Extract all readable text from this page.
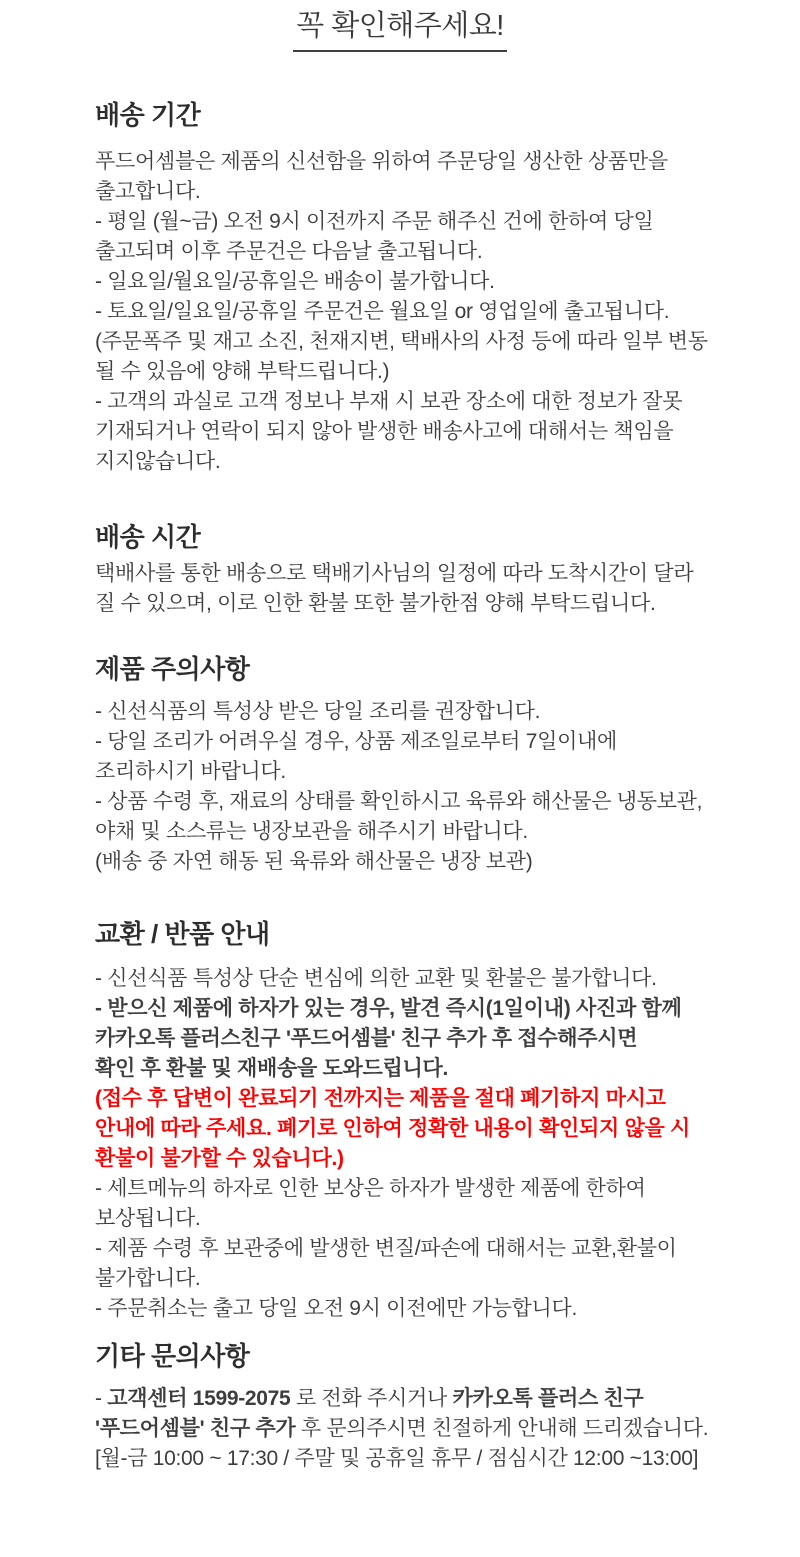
꼭 확인해주세요!
배송 기간

푸드어셈블은 제품의 신선함을 위하여 주문당일 생산한 상품만을

출고합니다.

- 평일 (월~금) 오전 9시 이전까지 주문 해주신 건에 한하여 당일

출고되며 이후 주문건은 다음날 출고됩니다.

- 일요일/월요일/공휴일은 배송이 불가합니다.

- 토요일/일요일/공휴일 주문건은 월요일 or 영업일에 출고됩니다.

(주문폭주 및 재고 소진, 천재지변, 택배사의 사정 등에 따라 일부 변동

될 수 있음에 양해 부탁드립니다.)

- 고객의 과실로 고객 정보나 부재 시 보관 장소에 대한 정보가 잘못

기재되거나 연락이 되지 않아 발생한 배송사고에 대해서는 책임을

지지않습니다.

배송 시간

택배사를 통한 배송으로 택배기사님의 일정에 따라 도착시간이 달라

질 수 있으며, 이로 인한 환불 또한 불가한점 양해 부탁드립니다.

제품 주의사항

- 신선식품의 특성상 받은 당일 조리를 권장합니다.

- 당일 조리가 어려우실 경우, 상품 제조일로부터 7일이내에

조리하시기 바랍니다.

- 상품 수령 후, 재료의 상태를 확인하시고 육류와 해산물은 냉동보관,

야채 및 소스류는 냉장보관을 해주시기 바랍니다.

(배송 중 자연 해동 된 육류와 해산물은 냉장 보관)

교환 / 반품 안내

- 신선식품 특성상 단순 변심에 의한 교환 및 환불은 불가합니다.

- 받으신 제품에 하자가 있는 경우, 발견 즉시(1일이내) 사진과 함께

카카오톡 플러스친구 '푸드어셈블' 친구 추가 후 접수해주시면

확인 후 환불 및 재배송을 도와드립니다.

(접수 후 답변이 완료되기 전까지는 제품을 절대 폐기하지 마시고

안내에 따라 주세요. 폐기로 인하여 정확한 내용이 확인되지 않을 시

환불이 불가할 수 있습니다.)

- 세트메뉴의 하자로 인한 보상은 하자가 발생한 제품에 한하여

보상됩니다.

- 제품 수령 후 보관중에 발생한 변질/파손에 대해서는 교환,환불이

불가합니다.

- 주문취소는 출고 당일 오전 9시 이전에만 가능합니다.

기타 문의사항

- 고객센터 1599-2075 로 전화 주시거나 카카오톡 플러스 친구

'푸드어셈블' 친구 추가 후 문의주시면 친절하게 안내해 드리겠습니다.

[월-금 10:00 ~ 17:30 / 주말 및 공휴일 휴무 / 점심시간 12:00 ~13:00]
